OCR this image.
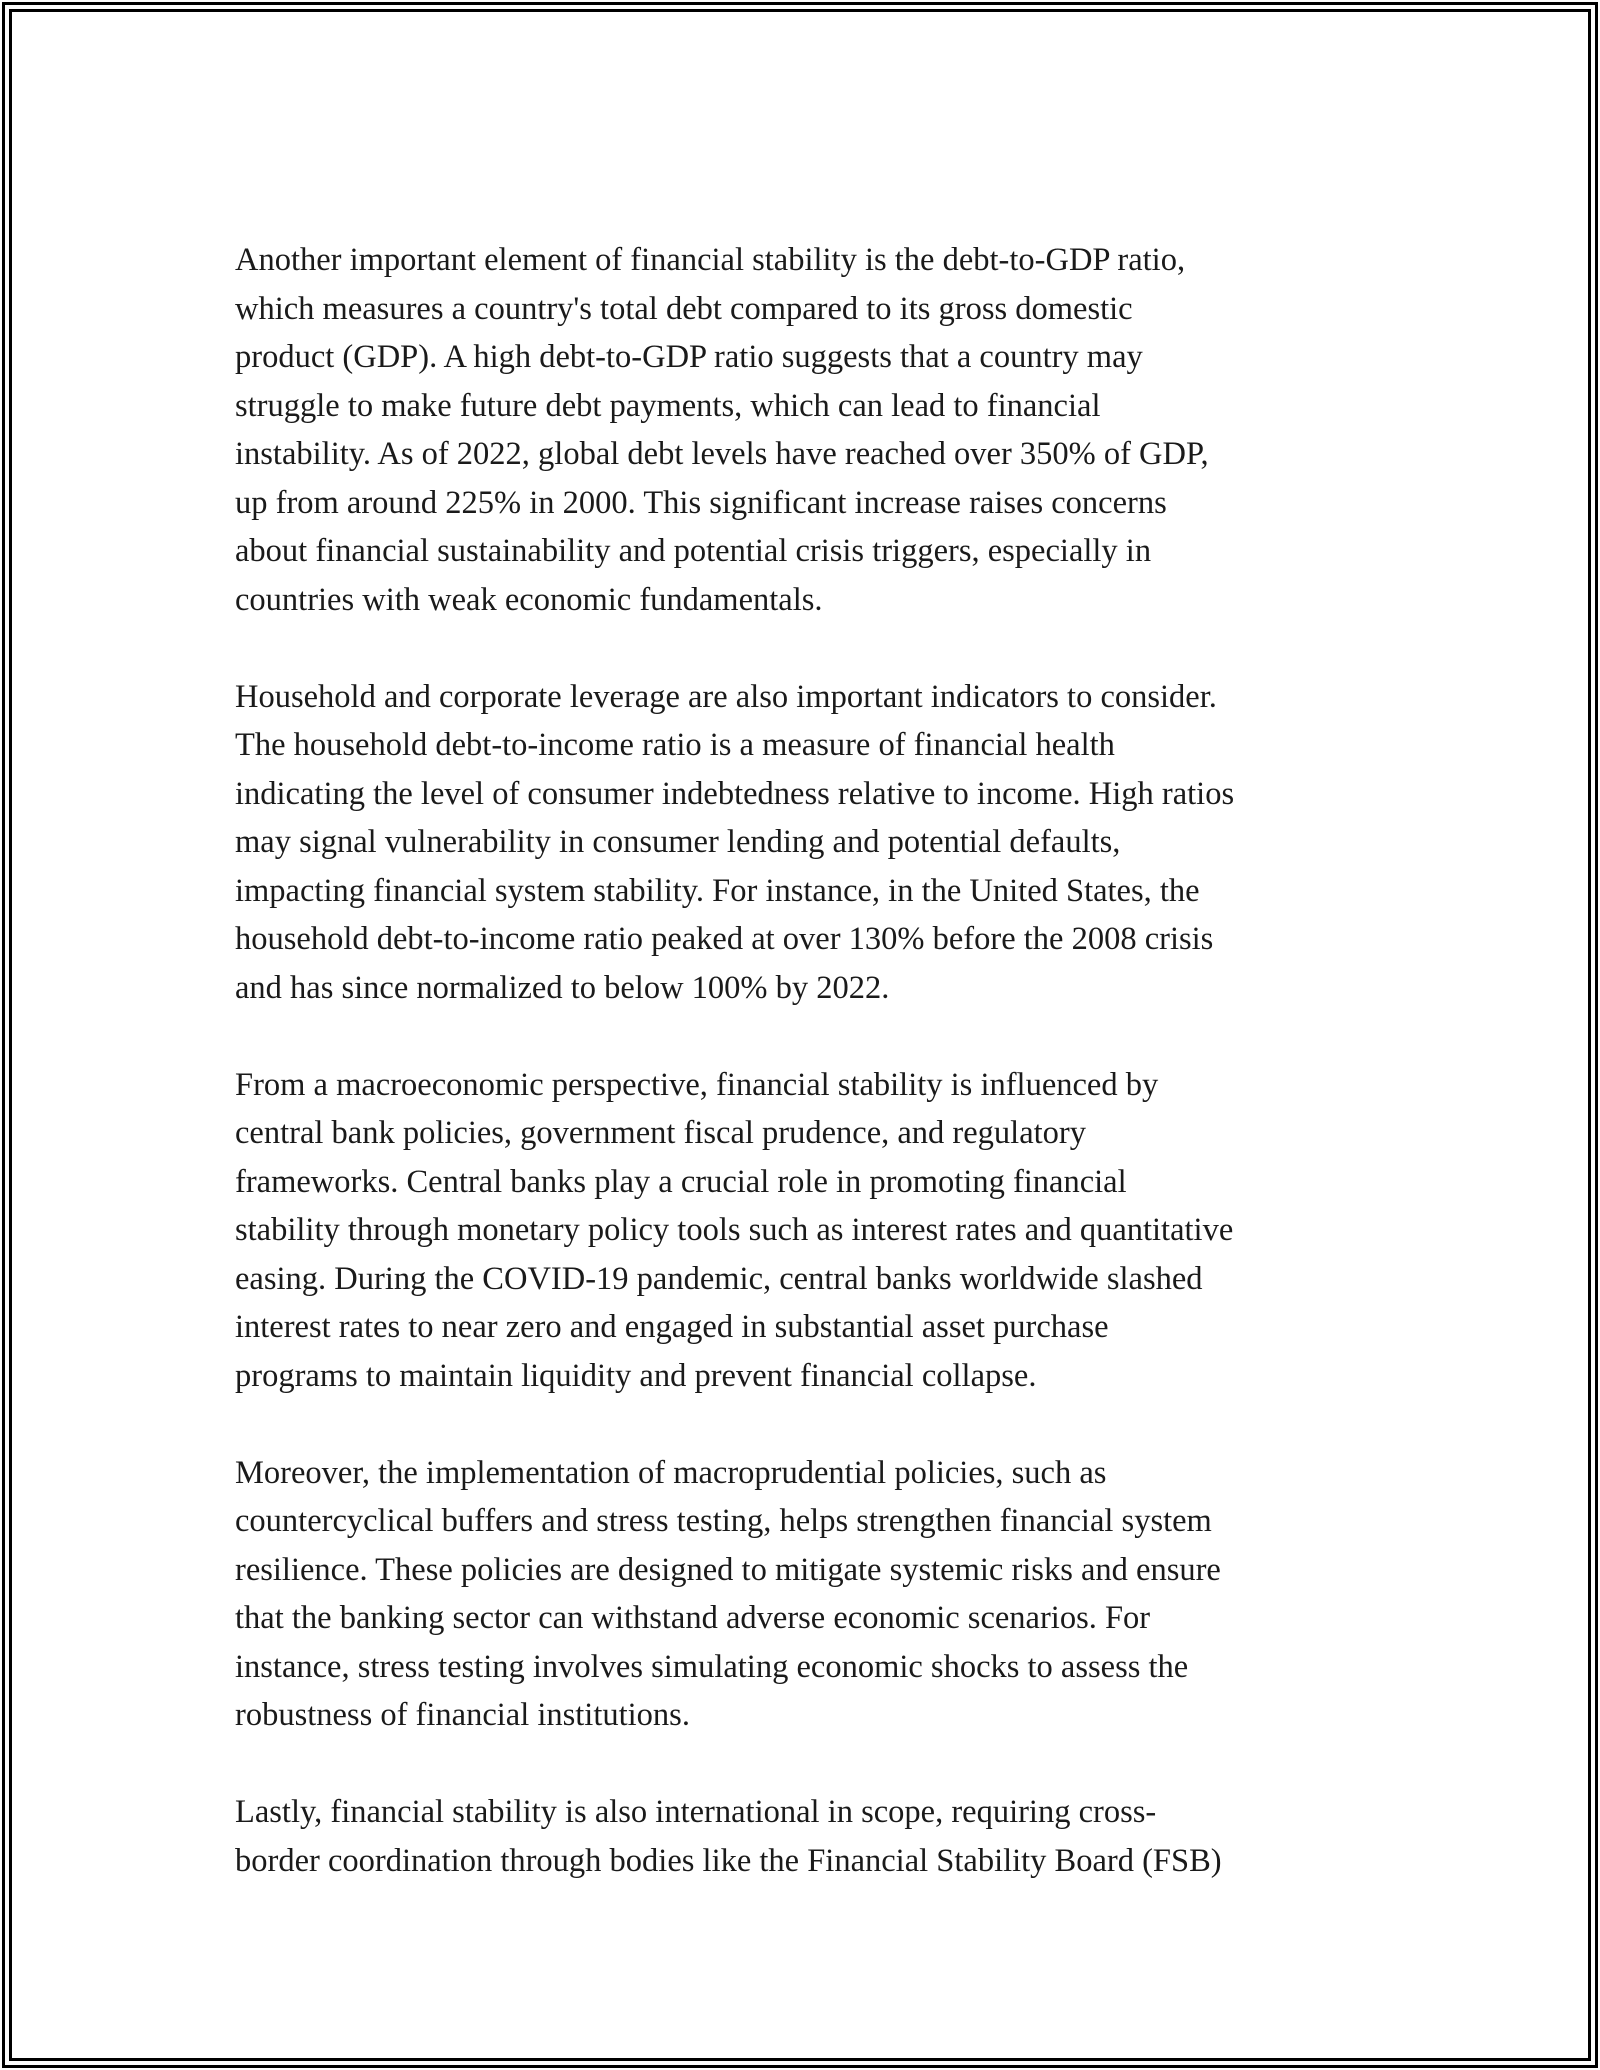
Another important element of financial stability is the debt-to-GDP ratio,
which measures a country's total debt compared to its gross domestic
product (GDP). A high debt-to-GDP ratio suggests that a country may
struggle to make future debt payments, which can lead to financial
instability. As of 2022, global debt levels have reached over 350% of GDP,
up from around 225% in 2000. This significant increase raises concerns
about financial sustainability and potential crisis triggers, especially in
countries with weak economic fundamentals.

Household and corporate leverage are also important indicators to consider.
The household debt-to-income ratio is a measure of financial health
indicating the level of consumer indebtedness relative to income. High ratios
may signal vulnerability in consumer lending and potential defaults,
impacting financial system stability. For instance, in the United States, the
household debt-to-income ratio peaked at over 130% before the 2008 crisis
and has since normalized to below 100% by 2022.

From a macroeconomic perspective, financial stability is influenced by
central bank policies, government fiscal prudence, and regulatory
frameworks. Central banks play a crucial role in promoting financial
stability through monetary policy tools such as interest rates and quantitative
easing. During the COVID-19 pandemic, central banks worldwide slashed
interest rates to near zero and engaged in substantial asset purchase
programs to maintain liquidity and prevent financial collapse.

Moreover, the implementation of macroprudential policies, such as
countercyclical buffers and stress testing, helps strengthen financial system
resilience. These policies are designed to mitigate systemic risks and ensure
that the banking sector can withstand adverse economic scenarios. For
instance, stress testing involves simulating economic shocks to assess the
robustness of financial institutions.

Lastly, financial stability is also international in scope, requiring cross-
border coordination through bodies like the Financial Stability Board (FSB)
